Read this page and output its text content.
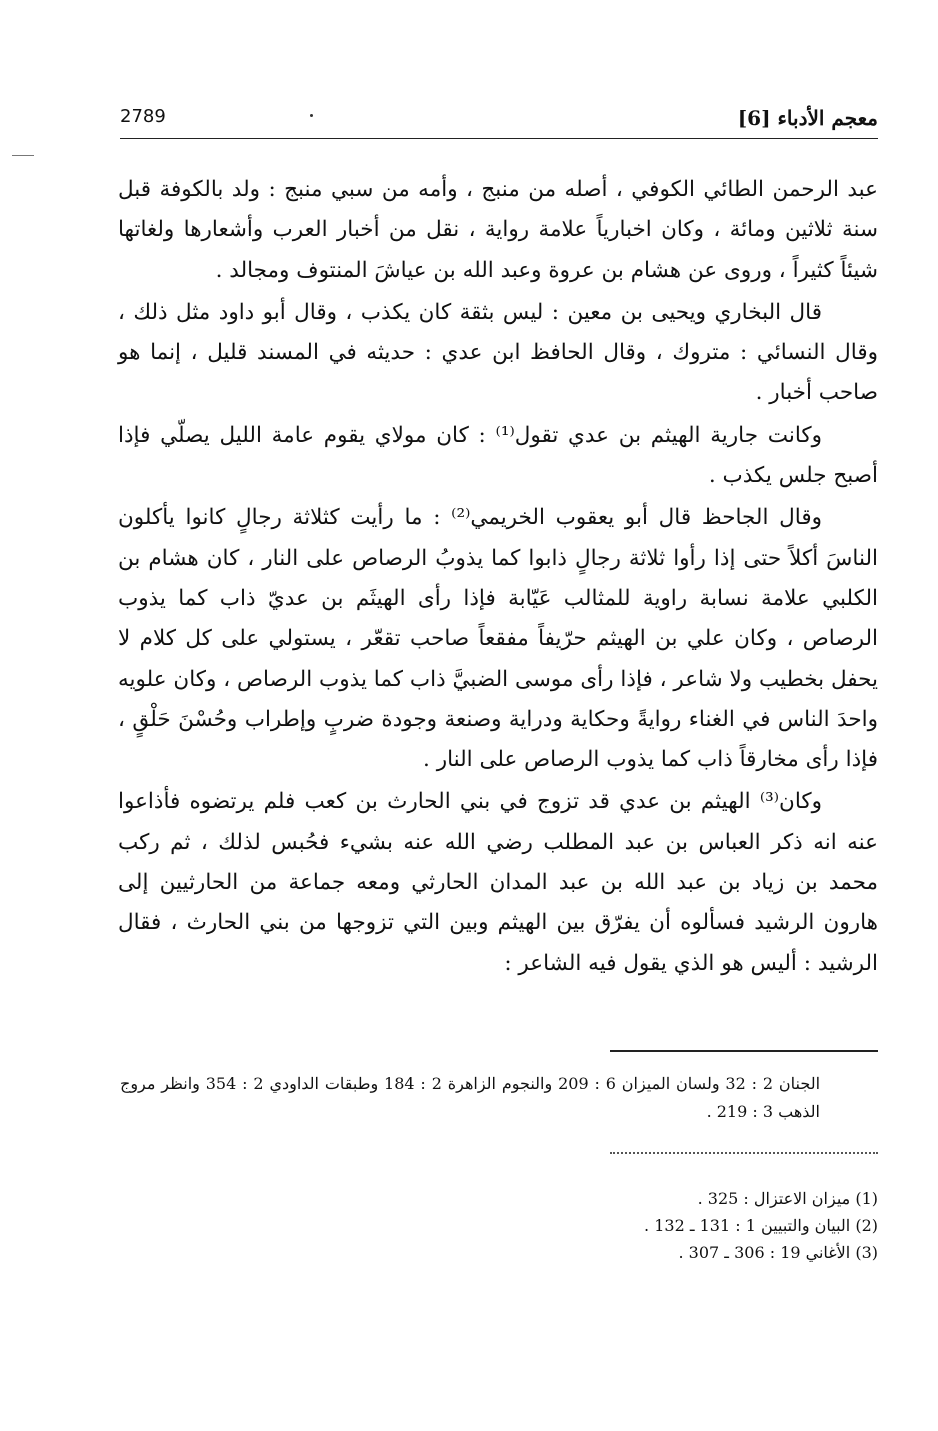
معجم الأدباء [6]
2789

عبد الرحمن الطائي الكوفي ، أصله من منبج ، وأمه من سبي منبج : ولد بالكوفة قبل سنة ثلاثين ومائة ، وكان اخبارياً علامة رواية ، نقل من أخبار العرب وأشعارها ولغاتها شيئاً كثيراً ، وروى عن هشام بن عروة وعبد الله بن عياشَ المنتوف ومجالد .

قال البخاري ويحيى بن معين : ليس بثقة كان يكذب ، وقال أبو داود مثل ذلك ، وقال النسائي : متروك ، وقال الحافظ ابن عدي : حديثه في المسند قليل ، إنما هو صاحب أخبار .

وكانت جارية الهيثم بن عدي تقول⁽¹⁾ : كان مولاي يقوم عامة الليل يصلّي فإذا أصبح جلس يكذب .

وقال الجاحظ قال أبو يعقوب الخريمي⁽²⁾ : ما رأيت كثلاثة رجالٍ كانوا يأكلون الناسَ أكلاً حتى إذا رأوا ثلاثة رجالٍ ذابوا كما يذوبُ الرصاص على النار ، كان هشام بن الكلبي علامة نسابة راوية للمثالب عَيّابة فإذا رأى الهيثَم بن عديّ ذاب كما يذوب الرصاص ، وكان علي بن الهيثم حرّيفاً مفقعاً صاحب تقعّر ، يستولي على كل كلام لا يحفل بخطيب ولا شاعر ، فإذا رأى موسى الضبيَّ ذاب كما يذوب الرصاص ، وكان علويه واحدَ الناس في الغناء روايةً وحكاية ودراية وصنعة وجودة ضربٍ وإطراب وحُسْنَ حَلْقٍ ، فإذا رأى مخارقاً ذاب كما يذوب الرصاص على النار .

وكان⁽³⁾ الهيثم بن عدي قد تزوج في بني الحارث بن كعب فلم يرتضوه فأذاعوا عنه انه ذكر العباس بن عبد المطلب رضي الله عنه بشيء فحُبس لذلك ، ثم ركب محمد بن زياد بن عبد الله بن عبد المدان الحارثي ومعه جماعة من الحارثيين إلى هارون الرشيد فسألوه أن يفرّق بين الهيثم وبين التي تزوجها من بني الحارث ، فقال الرشيد : أليس هو الذي يقول فيه الشاعر :

الجنان 2 : 32 ولسان الميزان 6 : 209 والنجوم الزاهرة 2 : 184 وطبقات الداودي 2 : 354 وانظر مروج الذهب 3 : 219 .
(1) ميزان الاعتزال : 325 .
(2) البيان والتبيين 1 : 131 ـ 132 .
(3) الأغاني 19 : 306 ـ 307 .
